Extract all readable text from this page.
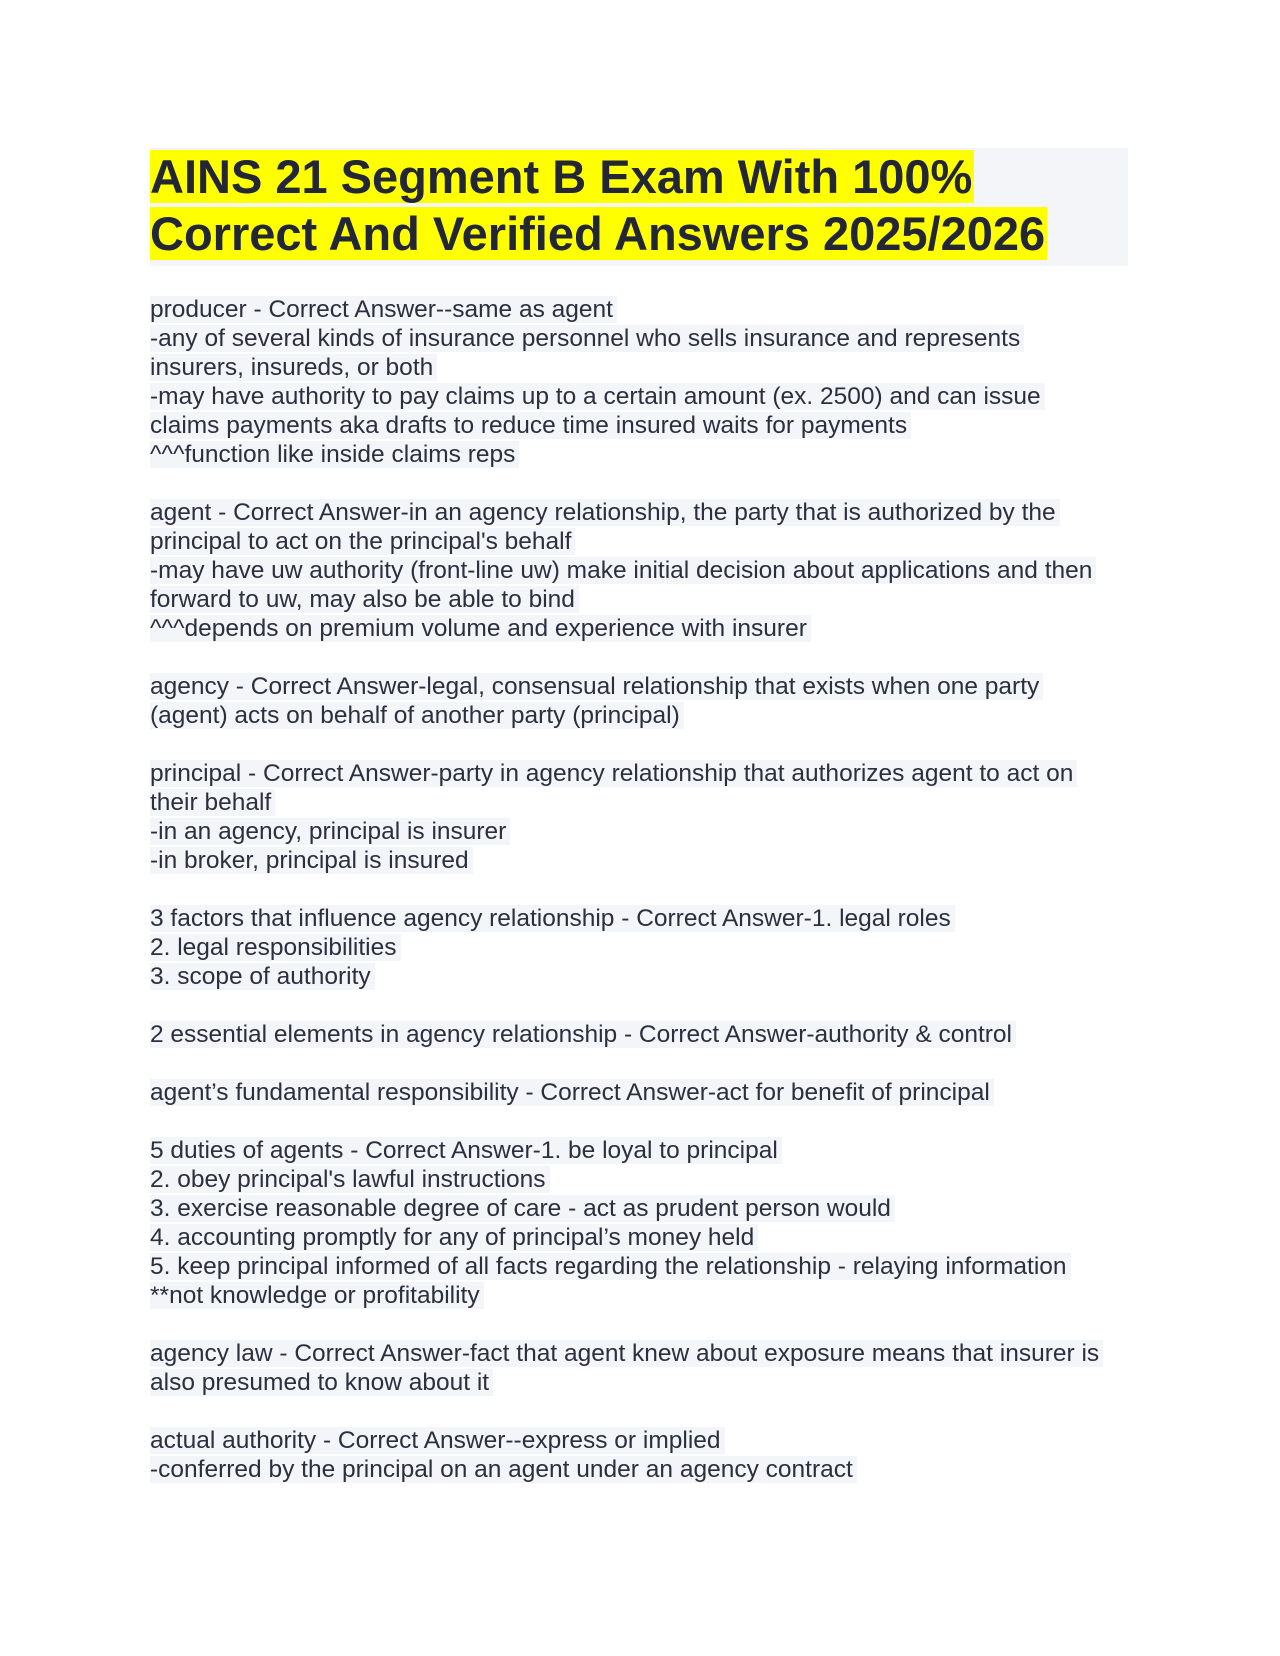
AINS 21 Segment B Exam With 100%
Correct And Verified Answers 2025/2026
producer - Correct Answer--same as agent
-any of several kinds of insurance personnel who sells insurance and represents
insurers, insureds, or both
-may have authority to pay claims up to a certain amount (ex. 2500) and can issue
claims payments aka drafts to reduce time insured waits for payments
^^^function like inside claims reps
agent - Correct Answer-in an agency relationship, the party that is authorized by the
principal to act on the principal's behalf
-may have uw authority (front-line uw) make initial decision about applications and then
forward to uw, may also be able to bind
^^^depends on premium volume and experience with insurer
agency - Correct Answer-legal, consensual relationship that exists when one party
(agent) acts on behalf of another party (principal)
principal - Correct Answer-party in agency relationship that authorizes agent to act on
their behalf
-in an agency, principal is insurer
-in broker, principal is insured
3 factors that influence agency relationship - Correct Answer-1. legal roles
2. legal responsibilities
3. scope of authority
2 essential elements in agency relationship - Correct Answer-authority & control
agent’s fundamental responsibility - Correct Answer-act for benefit of principal
5 duties of agents - Correct Answer-1. be loyal to principal
2. obey principal's lawful instructions
3. exercise reasonable degree of care - act as prudent person would
4. accounting promptly for any of principal’s money held
5. keep principal informed of all facts regarding the relationship - relaying information
**not knowledge or profitability
agency law - Correct Answer-fact that agent knew about exposure means that insurer is
also presumed to know about it
actual authority - Correct Answer--express or implied
-conferred by the principal on an agent under an agency contract
